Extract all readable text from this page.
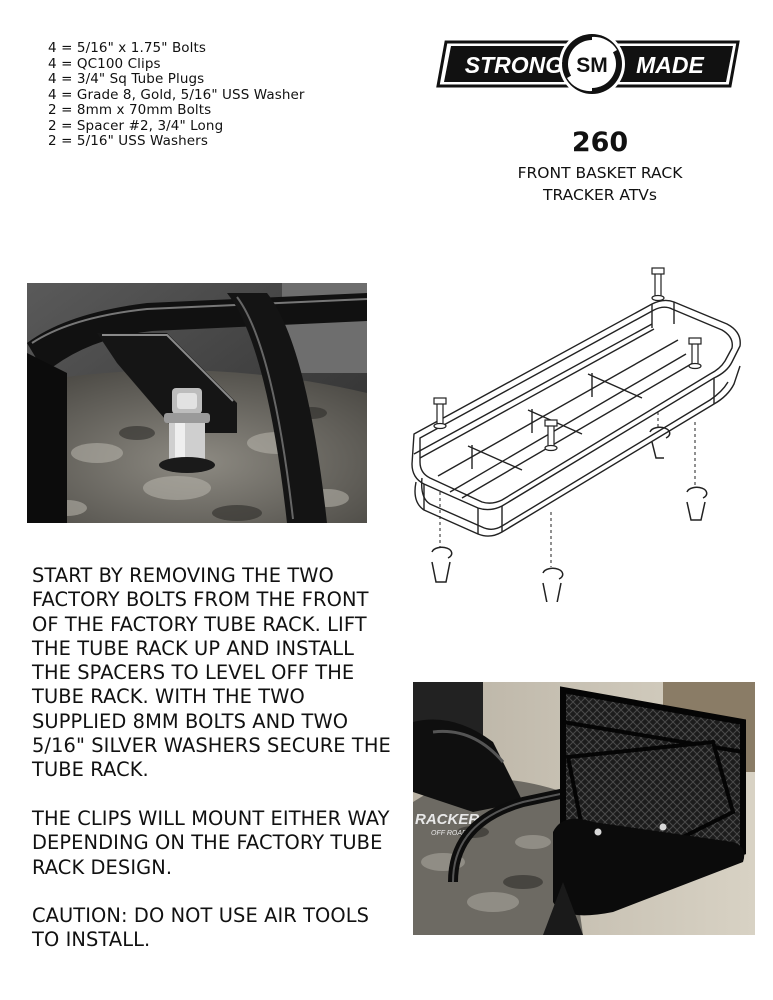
4 = 5/16" x 1.75" Bolts
4 = QC100 Clips
4 = 3/4" Sq Tube Plugs
4 = Grade 8, Gold, 5/16" USS Washer
2 = 8mm x 70mm Bolts
2 = Spacer #2, 3/4" Long
2 = 5/16" USS Washers
STRONG SM MADE
260
FRONT BASKET RACK
TRACKER ATVs

START BY REMOVING THE TWO FACTORY BOLTS FROM THE FRONT OF THE FACTORY TUBE RACK. LIFT THE TUBE RACK UP AND INSTALL THE SPACERS TO LEVEL OFF THE TUBE RACK. WITH THE TWO SUPPLIED 8MM BOLTS AND TWO 5/16" SILVER WASHERS SECURE THE TUBE RACK.

THE CLIPS WILL MOUNT EITHER WAY DEPENDING ON THE FACTORY TUBE RACK DESIGN.

CAUTION: DO NOT USE AIR TOOLS TO INSTALL.

RACKER
OFF ROAD
